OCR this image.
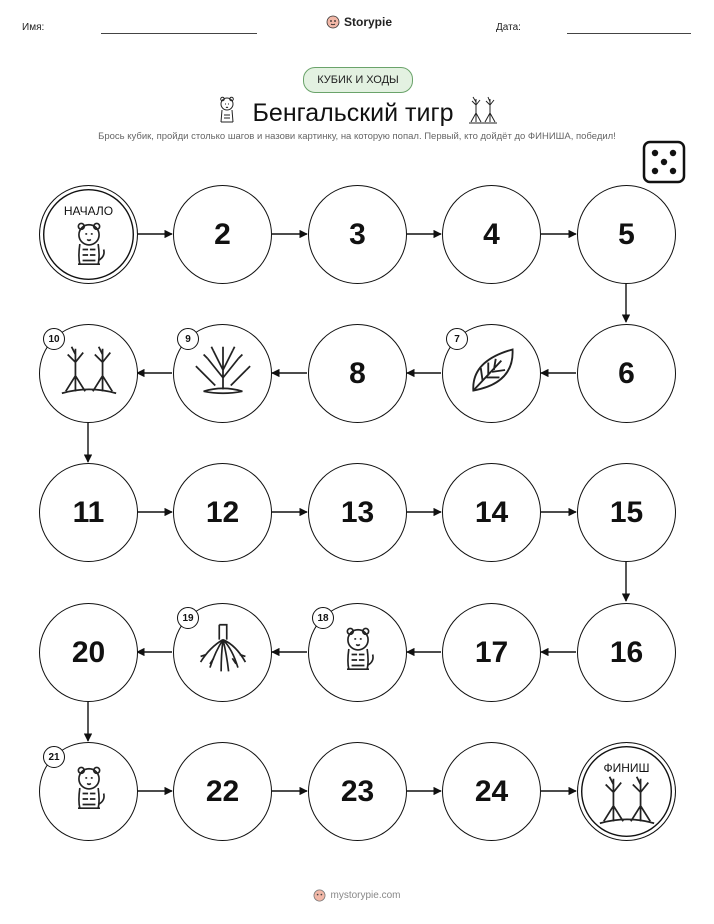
Имя:	Storypie	Дата:
КУБИК И ХОДЫ
Бенгальский тигр
Брось кубик, пройди столько шагов и назови картинку, на которую попал. Первый, кто дойдёт до ФИНИША, победил!
НАЧАЛО
2	3	4	5
6
7
8
9
10
11	12	13	14	15
16
17
18
19
20
21
22	23	24
ФИНИШ
mystorypie.com
